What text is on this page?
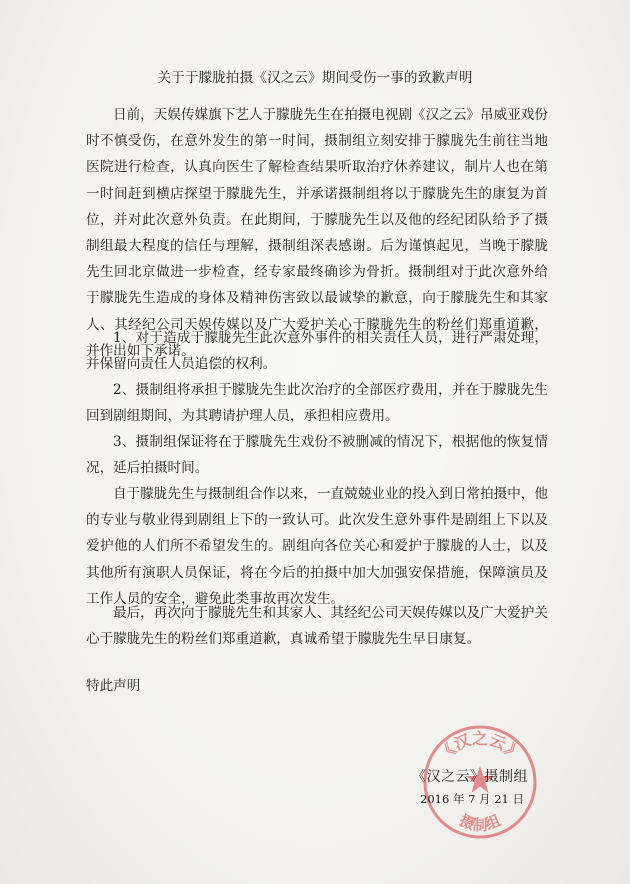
关于于朦胧拍摄《汉之云》期间受伤一事的致歉声明

日前，天娱传媒旗下艺人于朦胧先生在拍摄电视剧《汉之云》吊威亚戏份时不慎受伤，在意外发生的第一时间，摄制组立刻安排于朦胧先生前往当地医院进行检查，认真向医生了解检查结果听取治疗休养建议，制片人也在第一时间赶到横店探望于朦胧先生，并承诺摄制组将以于朦胧先生的康复为首位，并对此次意外负责。在此期间，于朦胧先生以及他的经纪团队给予了摄制组最大程度的信任与理解，摄制组深表感谢。后为谨慎起见，当晚于朦胧先生回北京做进一步检查，经专家最终确诊为骨折。摄制组对于此次意外给于朦胧先生造成的身体及精神伤害致以最诚挚的歉意，向于朦胧先生和其家人、其经纪公司天娱传媒以及广大爱护关心于朦胧先生的粉丝们郑重道歉，并作出如下承诺。

1、对于造成于朦胧先生此次意外事件的相关责任人员，进行严肃处理，并保留向责任人员追偿的权利。

2、摄制组将承担于朦胧先生此次治疗的全部医疗费用，并在于朦胧先生回到剧组期间，为其聘请护理人员，承担相应费用。

3、摄制组保证将在于朦胧先生戏份不被删减的情况下，根据他的恢复情况，延后拍摄时间。

自于朦胧先生与摄制组合作以来，一直兢兢业业的投入到日常拍摄中，他的专业与敬业得到剧组上下的一致认可。此次发生意外事件是剧组上下以及爱护他的人们所不希望发生的。剧组向各位关心和爱护于朦胧的人士，以及其他所有演职人员保证，将在今后的拍摄中加大加强安保措施，保障演员及工作人员的安全，避免此类事故再次发生。

最后，再次向于朦胧先生和其家人、其经纪公司天娱传媒以及广大爱护关心于朦胧先生的粉丝们郑重道歉，真诚希望于朦胧先生早日康复。

特此声明
《汉之云》
摄制组
《汉之云》摄制组
2016 年 7 月 21 日
